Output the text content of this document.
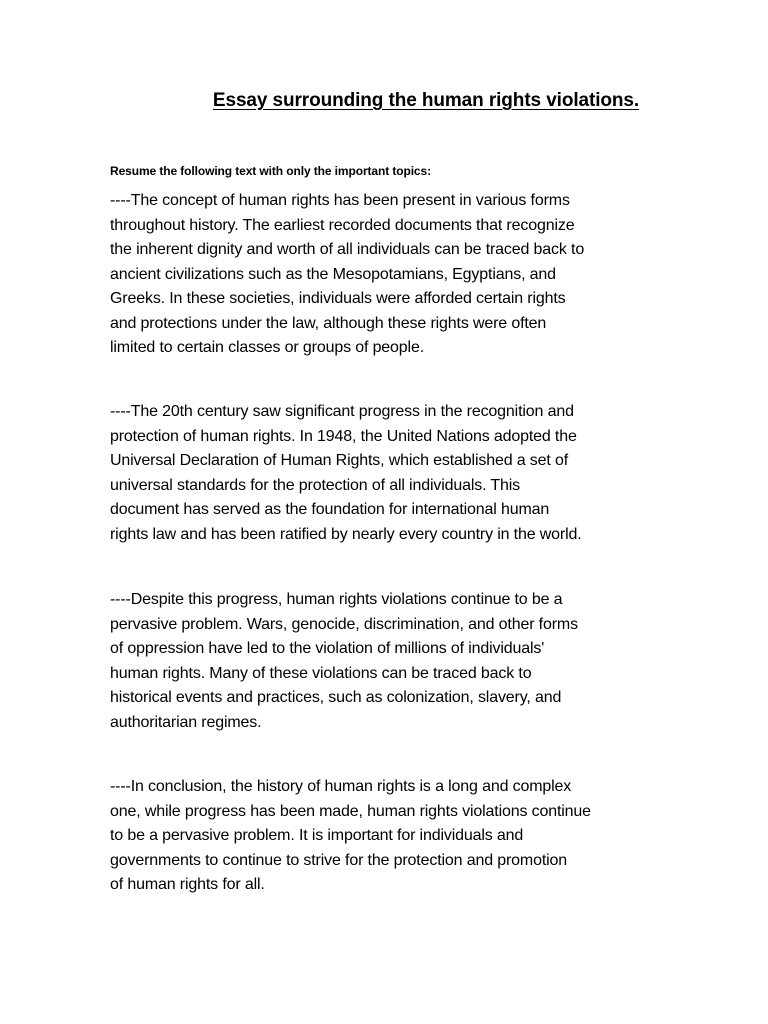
Essay surrounding the human rights violations.
Resume the following text with only the important topics:
----The concept of human rights has been present in various forms
throughout history. The earliest recorded documents that recognize
the inherent dignity and worth of all individuals can be traced back to
ancient civilizations such as the Mesopotamians, Egyptians, and
Greeks. In these societies, individuals were afforded certain rights
and protections under the law, although these rights were often
limited to certain classes or groups of people.
----The 20th century saw significant progress in the recognition and
protection of human rights. In 1948, the United Nations adopted the
Universal Declaration of Human Rights, which established a set of
universal standards for the protection of all individuals. This
document has served as the foundation for international human
rights law and has been ratified by nearly every country in the world.
----Despite this progress, human rights violations continue to be a
pervasive problem. Wars, genocide, discrimination, and other forms
of oppression have led to the violation of millions of individuals'
human rights. Many of these violations can be traced back to
historical events and practices, such as colonization, slavery, and
authoritarian regimes.
----In conclusion, the history of human rights is a long and complex
one, while progress has been made, human rights violations continue
to be a pervasive problem. It is important for individuals and
governments to continue to strive for the protection and promotion
of human rights for all.
